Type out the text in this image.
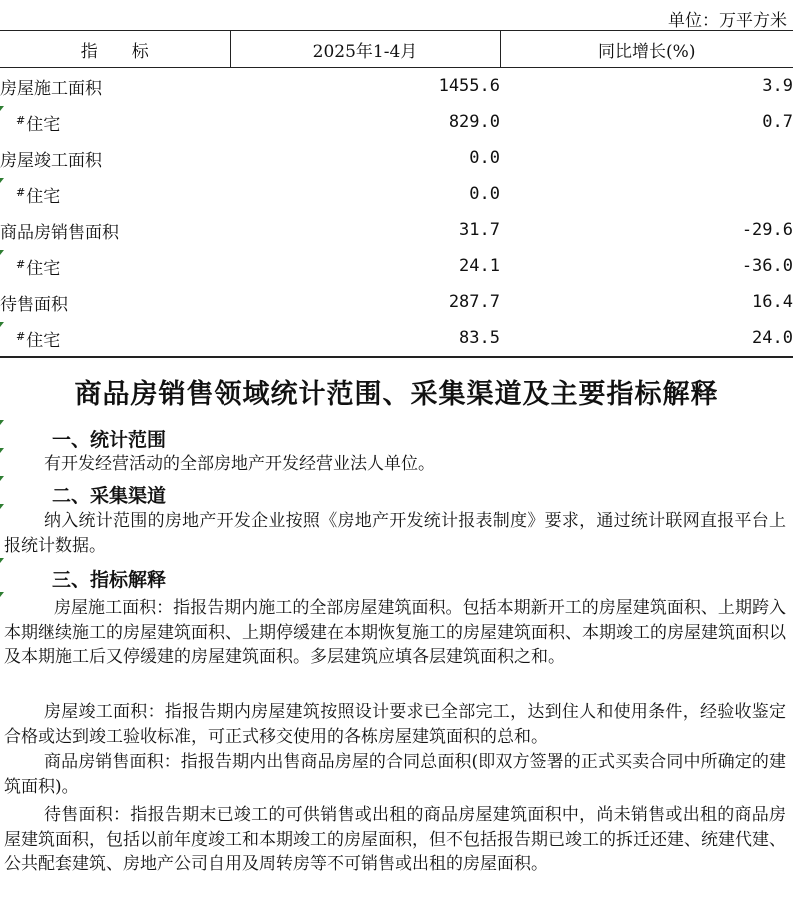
单位：万平方米
指　　标	2025年1-4月	同比增长(%)
房屋施工面积	1455.6	3.9

#住宅	829.0	0.7
房屋竣工面积	0.0	

#住宅	0.0	
商品房销售面积	31.7	-29.6

#住宅	24.1	-36.0
待售面积	287.7	16.4

#住宅	83.5	24.0
商品房销售领域统计范围、采集渠道及主要指标解释
一、统计范围
有开发经营活动的全部房地产开发经营业法人单位。
二、采集渠道
纳入统计范围的房地产开发企业按照《房地产开发统计报表制度》要求，通过统计联网直报平台上报统计数据。
三、指标解释
房屋施工面积：指报告期内施工的全部房屋建筑面积。包括本期新开工的房屋建筑面积、上期跨入本期继续施工的房屋建筑面积、上期停缓建在本期恢复施工的房屋建筑面积、本期竣工的房屋建筑面积以及本期施工后又停缓建的房屋建筑面积。多层建筑应填各层建筑面积之和。
房屋竣工面积：指报告期内房屋建筑按照设计要求已全部完工，达到住人和使用条件，经验收鉴定合格或达到竣工验收标准，可正式移交使用的各栋房屋建筑面积的总和。
商品房销售面积：指报告期内出售商品房屋的合同总面积(即双方签署的正式买卖合同中所确定的建筑面积)。
待售面积：指报告期末已竣工的可供销售或出租的商品房屋建筑面积中，尚未销售或出租的商品房屋建筑面积，包括以前年度竣工和本期竣工的房屋面积，但不包括报告期已竣工的拆迁还建、统建代建、公共配套建筑、房地产公司自用及周转房等不可销售或出租的房屋面积。
